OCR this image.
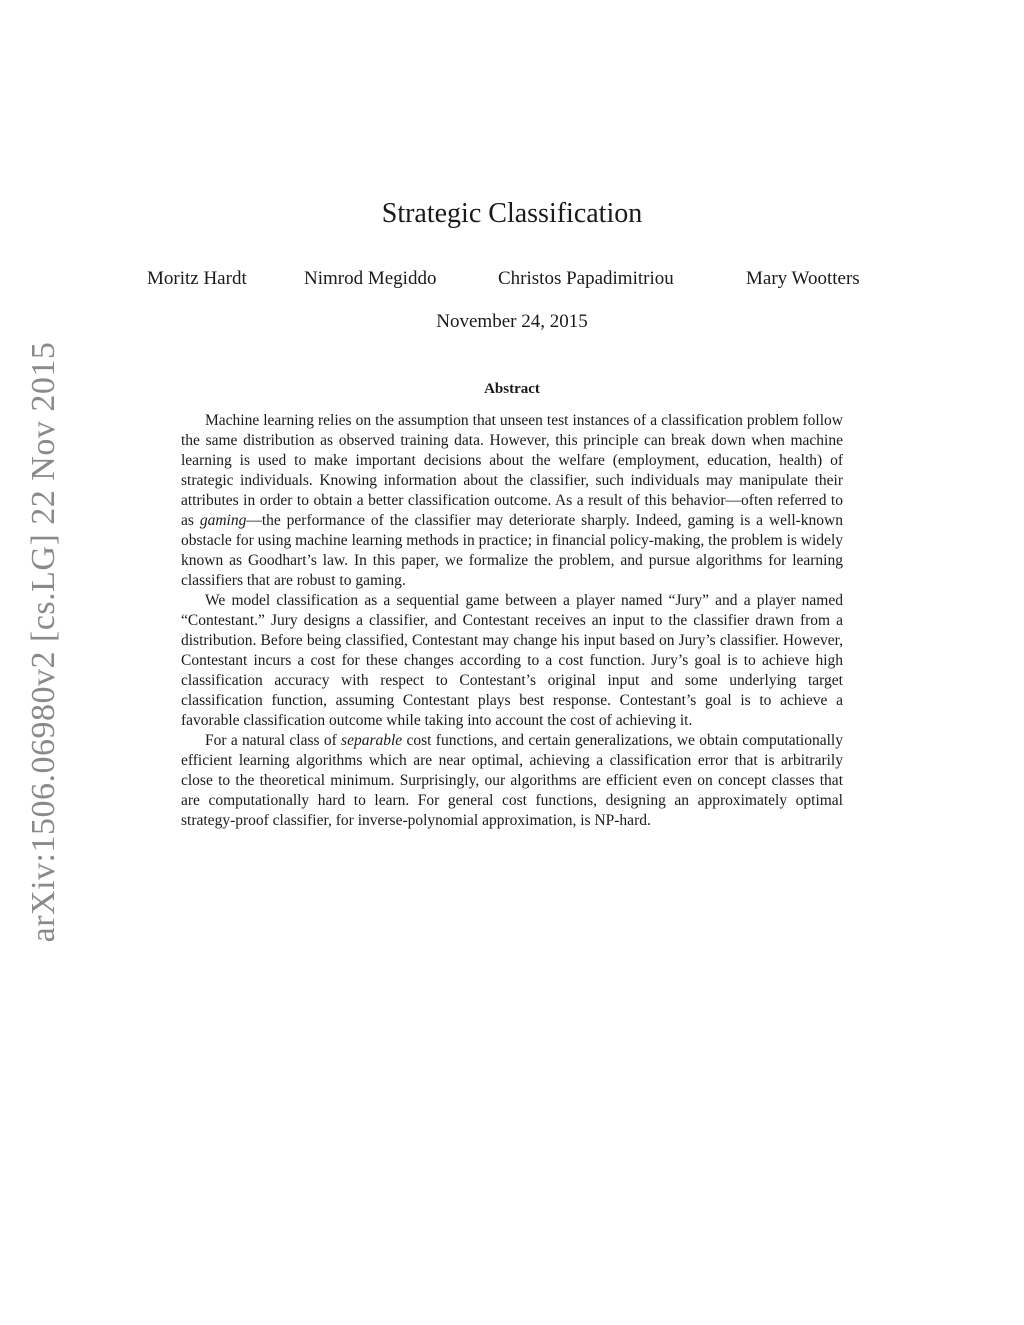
arXiv:1506.06980v2 [cs.LG] 22 Nov 2015
Strategic Classification
Moritz Hardt	Nimrod Megiddo	Christos Papadimitriou	Mary Wootters
November 24, 2015
Abstract

Machine learning relies on the assumption that unseen test instances of a classification problem follow the same distribution as observed training data. However, this principle can break down when machine learning is used to make important decisions about the welfare (employment, education, health) of strategic individuals. Knowing information about the classifier, such individuals may manipulate their attributes in order to obtain a better classification outcome. As a result of this behavior—often referred to as gaming—the performance of the classifier may deteriorate sharply. Indeed, gaming is a well-known obstacle for using machine learning methods in practice; in financial policy-making, the problem is widely known as Goodhart’s law. In this paper, we formalize the problem, and pursue algorithms for learning classifiers that are robust to gaming.

We model classification as a sequential game between a player named “Jury” and a player named “Contestant.” Jury designs a classifier, and Contestant receives an input to the classifier drawn from a distribution. Before being classified, Contestant may change his input based on Jury’s classifier. However, Contestant incurs a cost for these changes according to a cost function. Jury’s goal is to achieve high classification accuracy with respect to Contestant’s original input and some underlying target classification function, assuming Contestant plays best response. Contestant’s goal is to achieve a favorable classification outcome while taking into account the cost of achieving it.

For a natural class of separable cost functions, and certain generalizations, we obtain computationally efficient learning algorithms which are near optimal, achieving a classification error that is arbitrarily close to the theoretical minimum. Surprisingly, our algorithms are efficient even on concept classes that are computationally hard to learn. For general cost functions, designing an approximately optimal strategy-proof classifier, for inverse-polynomial approximation, is NP-hard.
